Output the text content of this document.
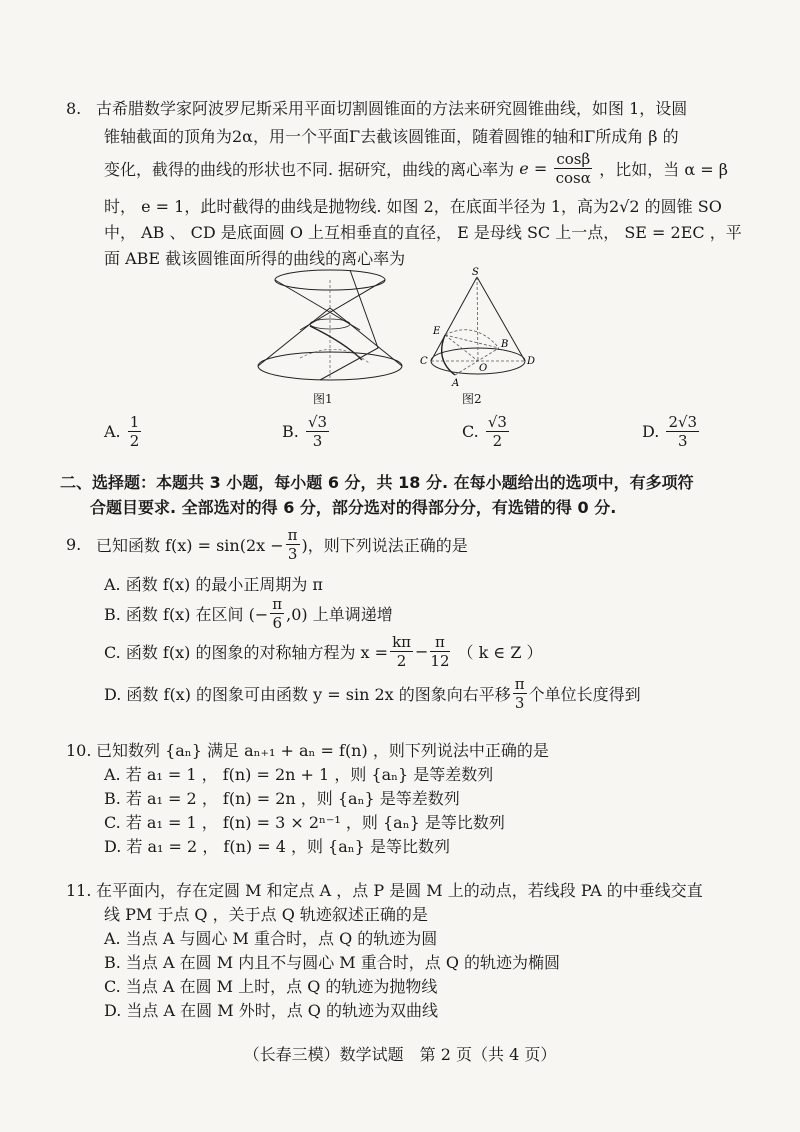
8. 古希腊数学家阿波罗尼斯采用平面切割圆锥面的方法来研究圆锥曲线，如图 1，设圆
锥轴截面的顶角为2α，用一个平面Γ去截该圆锥面，随着圆锥的轴和Γ所成角 β 的
变化，截得的曲线的形状也不同. 据研究，曲线的离心率为 $e = \frac{\cos\beta}{\cos\alpha}$ ，比如，当 α = β
时， e = 1，此时截得的曲线是抛物线. 如图 2，在底面半径为 1，高为2√2 的圆锥 SO
中， AB 、 CD 是底面圆 O 上互相垂直的直径， E 是母线 SC 上一点， SE = 2EC ，平
面 ABE 截该圆锥面所得的曲线的离心率为
图1
S
E
B
C
O
D
A
图2
A. $\frac{1}{2}$	B. $\frac{√3}{3}$	C. $\frac{√3}{2}$	D. $\frac{2√3}{3}$
二、选择题：本题共 3 小题，每小题 6 分，共 18 分. 在每小题给出的选项中，有多项符
合题目要求. 全部选对的得 6 分，部分选对的得部分分，有选错的得 0 分.
9. 已知函数 $f(x) = \sin(2x - \frac{\pi}{3}$ )，则下列说法正确的是
A. 函数 f(x) 的最小正周期为 π
B. 函数 f(x) 在区间 (− $\frac{\pi}{6} ,0$) 上单调递增
C. 函数 f(x) 的图象的对称轴方程为 $x = \frac{k\pi}{2} - \frac{\pi}{12}$ （ k ∈ Z ）
D. 函数 f(x) 的图象可由函数 y = sin 2x 的图象向右平移 $\frac{\pi}{3}$ 个单位长度得到
10. 已知数列 {aₙ} 满足 aₙ₊₁ + aₙ = f(n) ，则下列说法中正确的是
A. 若 a₁ = 1 ， f(n) = 2n + 1 ，则 {aₙ} 是等差数列
B. 若 a₁ = 2 ， f(n) = 2n ，则 {aₙ} 是等差数列
C. 若 a₁ = 1 ， f(n) = 3 × 2ⁿ⁻¹ ，则 {aₙ} 是等比数列
D. 若 a₁ = 2 ， f(n) = 4 ，则 {aₙ} 是等比数列
11. 在平面内，存在定圆 M 和定点 A ，点 P 是圆 M 上的动点，若线段 PA 的中垂线交直
线 PM 于点 Q ，关于点 Q 轨迹叙述正确的是
A. 当点 A 与圆心 M 重合时，点 Q 的轨迹为圆
B. 当点 A 在圆 M 内且不与圆心 M 重合时，点 Q 的轨迹为椭圆
C. 当点 A 在圆 M 上时，点 Q 的轨迹为抛物线
D. 当点 A 在圆 M 外时，点 Q 的轨迹为双曲线
（长春三模）数学试题　第 2 页（共 4 页）
